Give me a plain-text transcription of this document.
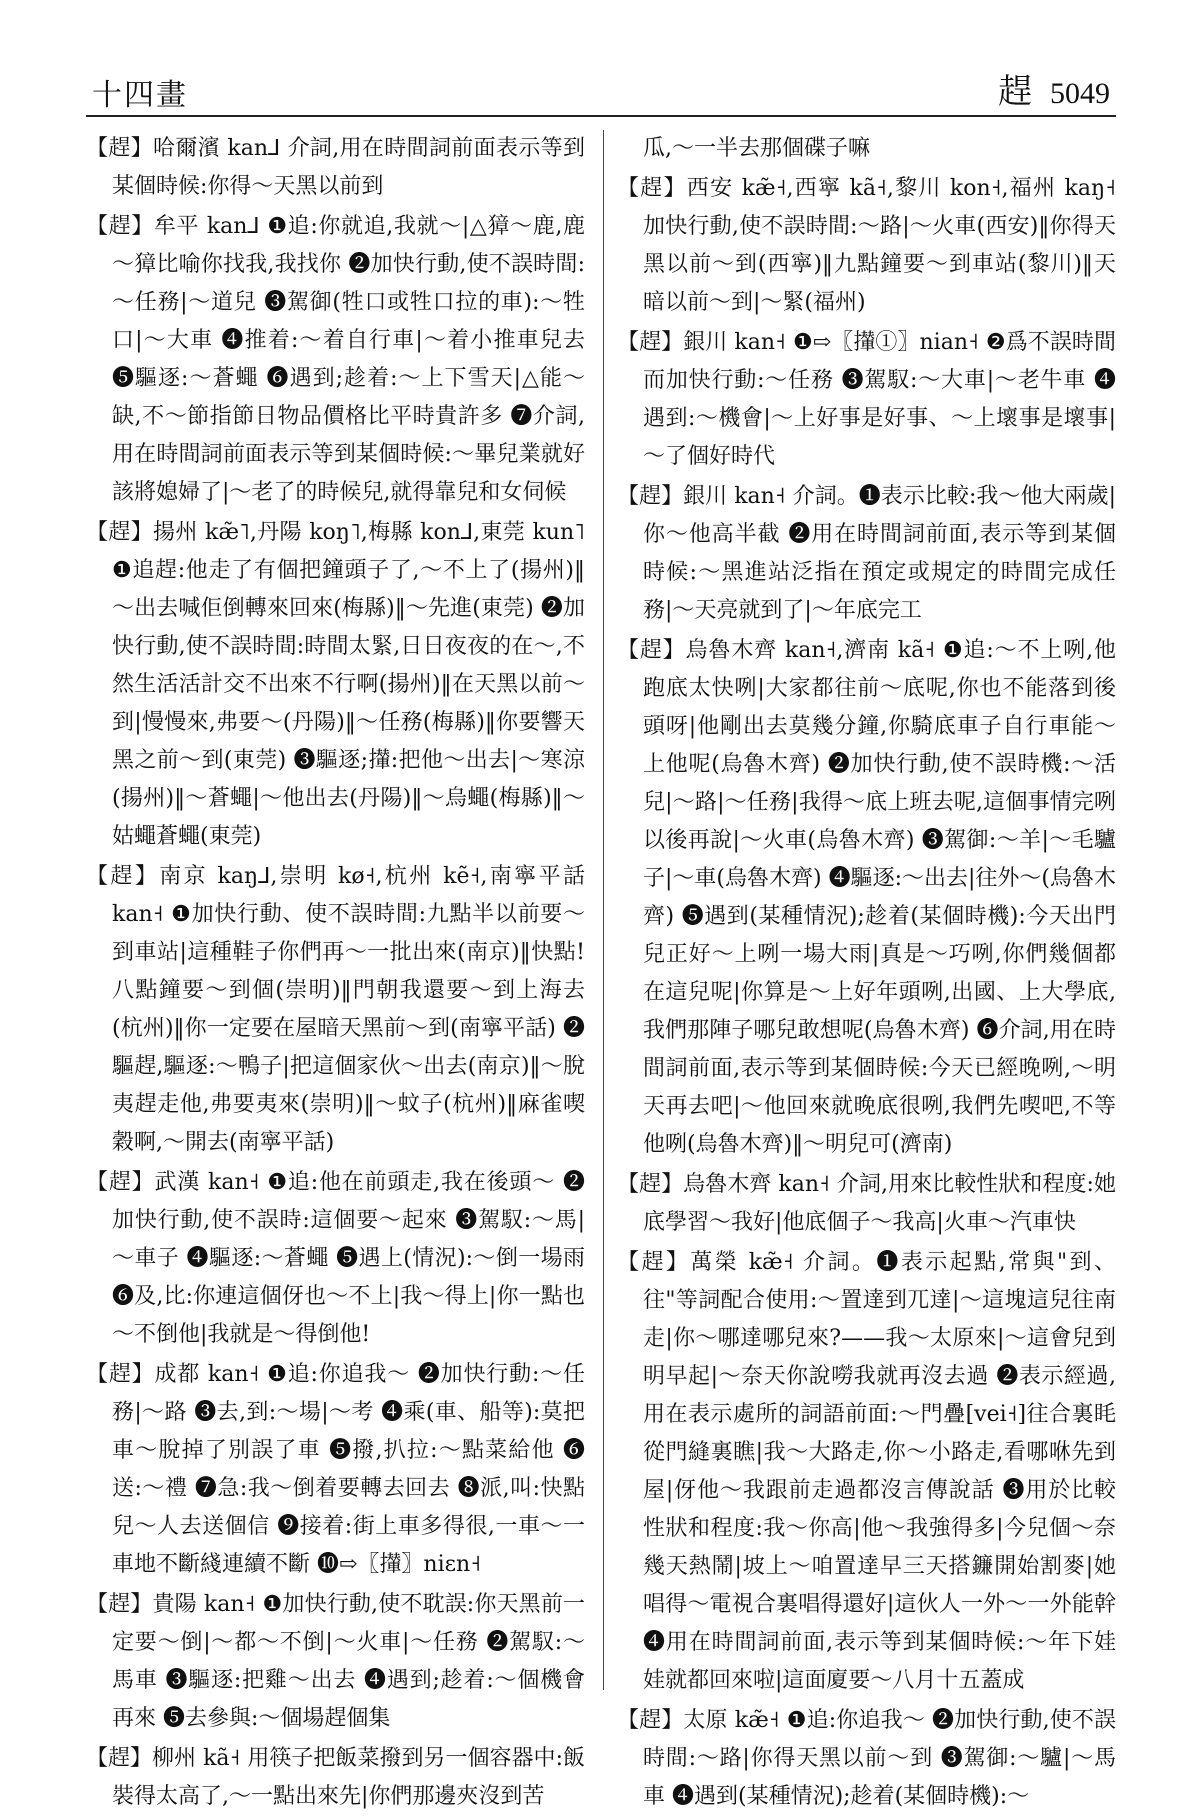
十四畫	趕 5049

【趕】哈爾濱 kan⅃ 介詞,用在時間詞前面表示等到某個時候:你得～天黑以前到

【趕】牟平 kan⅃ ❶追:你就追,我就～|△獐～鹿,鹿～獐比喻你找我,我找你 ❷加快行動,使不誤時間:～任務|～道兒 ❸駕御(牲口或牲口拉的車):～牲口|～大車 ❹推着:～着自行車|～着小推車兒去 ❺驅逐:～蒼蠅 ❻遇到;趁着:～上下雪天|△能～缺,不～節指節日物品價格比平時貴許多 ❼介詞,用在時間詞前面表示等到某個時候:～畢兒業就好該將媳婦了|～老了的時候兒,就得靠兒和女伺候

【趕】揚州 kæ̃˥,丹陽 koŋ˥,梅縣 kon⅃,東莞 kun˥ ❶追趕:他走了有個把鐘頭子了,～不上了(揚州)‖～出去喊佢倒轉來回來(梅縣)‖～先進(東莞) ❷加快行動,使不誤時間:時間太緊,日日夜夜的在～,不然生活活計交不出來不行啊(揚州)‖在天黑以前～到|慢慢來,弗要～(丹陽)‖～任務(梅縣)‖你要響天黑之前～到(東莞) ❸驅逐;攆:把他～出去|～寒涼(揚州)‖～蒼蠅|～他出去(丹陽)‖～烏蠅(梅縣)‖～姑蠅蒼蠅(東莞)

【趕】南京 kaŋ⅃,崇明 kø˧,杭州 kẽ˧,南寧平話 kan˧ ❶加快行動、使不誤時間:九點半以前要～到車站|這種鞋子你們再～一批出來(南京)‖快點!八點鐘要～到個(崇明)‖門朝我還要～到上海去(杭州)‖你一定要在屋暗天黑前～到(南寧平話) ❷驅趕,驅逐:～鴨子|把這個家伙～出去(南京)‖～脫夷趕走他,弗要夷來(崇明)‖～蚊子(杭州)‖麻雀喫穀啊,～開去(南寧平話)

【趕】武漢 kan˧ ❶追:他在前頭走,我在後頭～ ❷加快行動,使不誤時:這個要～起來 ❸駕馭:～馬|～車子 ❹驅逐:～蒼蠅 ❺遇上(情況):～倒一場雨 ❻及,比:你連這個伢也～不上|我～得上|你一點也～不倒他|我就是～得倒他!

【趕】成都 kan˧ ❶追:你追我～ ❷加快行動:～任務|～路 ❸去,到:～場|～考 ❹乘(車、船等):莫把車～脫掉了別誤了車 ❺撥,扒拉:～點菜給他 ❻送:～禮 ❼急:我～倒着要轉去回去 ❽派,叫:快點兒～人去送個信 ❾接着:街上車多得很,一車～一車地不斷綫連續不斷 ❿⇨〖攆〗niɛn˧

【趕】貴陽 kan˧ ❶加快行動,使不耽誤:你天黑前一定要～倒|～都～不倒|～火車|～任務 ❷駕馭:～馬車 ❸驅逐:把雞～出去 ❹遇到;趁着:～個機會再來 ❺去參與:～個場趕個集

【趕】柳州 kã˧ 用筷子把飯菜撥到另一個容器中:飯裝得太高了,～一點出來先|你們那邊夾沒到苦

瓜,～一半去那個碟子嘛

【趕】西安 kæ̃˧,西寧 kã˧,黎川 kon˧,福州 kaŋ˧ 加快行動,使不誤時間:～路|～火車(西安)‖你得天黑以前～到(西寧)‖九點鐘要～到車站(黎川)‖天暗以前～到|～緊(福州)

【趕】銀川 kan˧ ❶⇨〖攆①〗nian˧ ❷爲不誤時間而加快行動:～任務 ❸駕馭:～大車|～老牛車 ❹遇到:～機會|～上好事是好事、～上壞事是壞事|～了個好時代

【趕】銀川 kan˧ 介詞。❶表示比較:我～他大兩歲|你～他高半截 ❷用在時間詞前面,表示等到某個時候:～黑進站泛指在預定或規定的時間完成任務|～天亮就到了|～年底完工

【趕】烏魯木齊 kan˧,濟南 kã˧ ❶追:～不上咧,他跑底太快咧|大家都往前～底呢,你也不能落到後頭呀|他剛出去莫幾分鐘,你騎底車子自行車能～上他呢(烏魯木齊) ❷加快行動,使不誤時機:～活兒|～路|～任務|我得～底上班去呢,這個事情完咧以後再說|～火車(烏魯木齊) ❸駕御:～羊|～毛驢子|～車(烏魯木齊) ❹驅逐:～出去|往外～(烏魯木齊) ❺遇到(某種情況);趁着(某個時機):今天出門兒正好～上咧一場大雨|真是～巧咧,你們幾個都在這兒呢|你算是～上好年頭咧,出國、上大學底,我們那陣子哪兒敢想呢(烏魯木齊) ❻介詞,用在時間詞前面,表示等到某個時候:今天已經晚咧,～明天再去吧|～他回來就晚底很咧,我們先喫吧,不等他咧(烏魯木齊)‖～明兒可(濟南)

【趕】烏魯木齊 kan˧ 介詞,用來比較性狀和程度:她底學習～我好|他底個子～我高|火車～汽車快

【趕】萬榮 kæ̃˧ 介詞。❶表示起點,常與"到、往"等詞配合使用:～置達到兀達|～這塊這兒往南走|你～哪達哪兒來?——我～太原來|～這會兒到明早起|～奈天你說嘮我就再沒去過 ❷表示經過,用在表示處所的詞語前面:～門疊[vei˧]往合裏眊從門縫裏瞧|我～大路走,你～小路走,看哪咻先到屋|伢他～我跟前走過都沒言傳說話 ❸用於比較性狀和程度:我～你高|他～我強得多|今兒個～奈幾天熱鬧|坡上～咱置達早三天搭鐮開始割麥|她唱得～電視合裏唱得還好|這伙人一外～一外能幹 ❹用在時間詞前面,表示等到某個時候:～年下娃娃就都回來啦|這面廈要～八月十五蓋成

【趕】太原 kæ̃˧ ❶追:你追我～ ❷加快行動,使不誤時間:～路|你得天黑以前～到 ❸駕御:～驢|～馬車 ❹遇到(某種情況);趁着(某個時機):～
